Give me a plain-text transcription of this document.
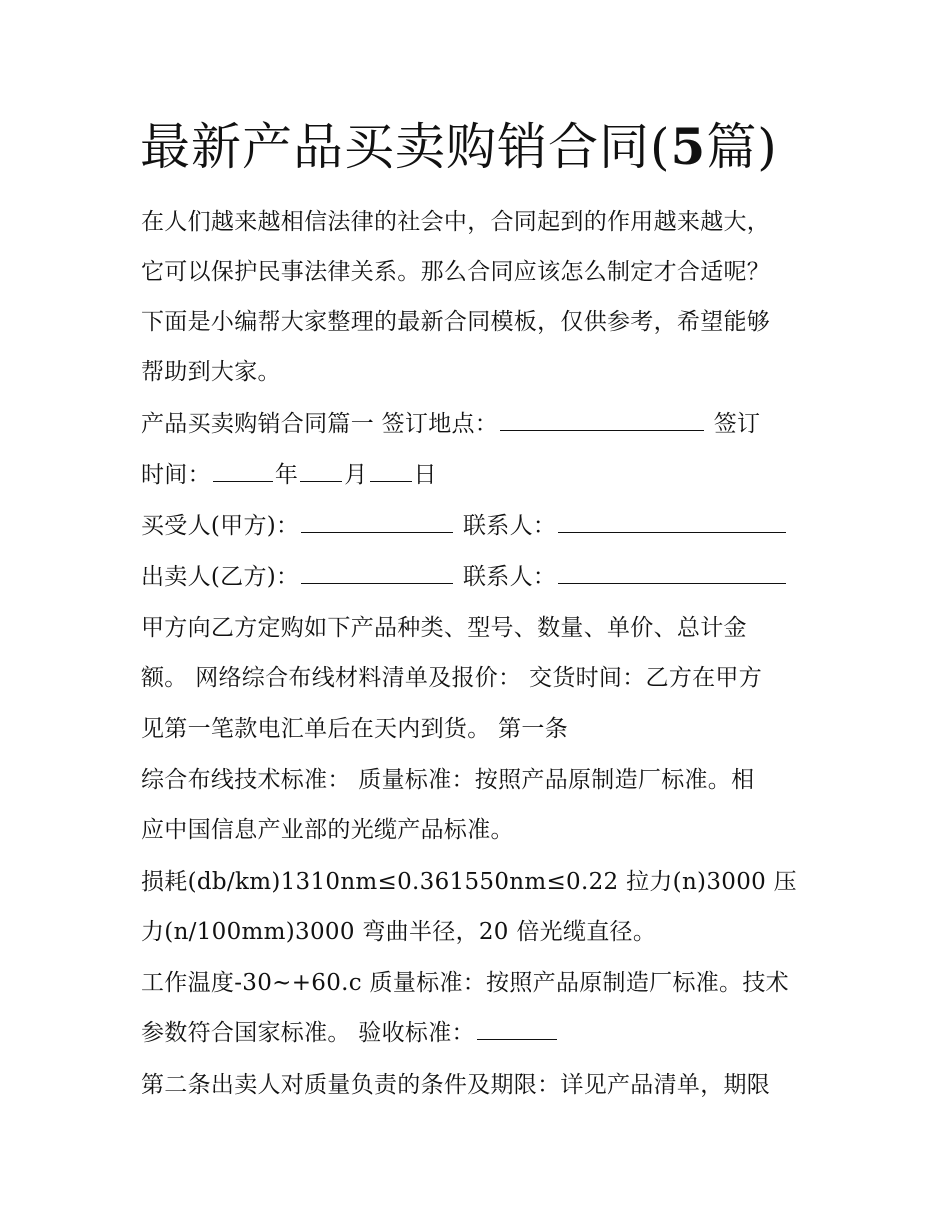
最新产品买卖购销合同(5篇)
在人们越来越相信法律的社会中，合同起到的作用越来越大，
它可以保护民事法律关系。那么合同应该怎么制定才合适呢？
下面是小编帮大家整理的最新合同模板，仅供参考，希望能够
帮助到大家。
产品买卖购销合同篇一 签订地点：	签订
时间：	年 月 日
买受人(甲方)：	联系人：
出卖人(乙方)：	联系人：
甲方向乙方定购如下产品种类、型号、数量、单价、总计金
额。 网络综合布线材料清单及报价： 交货时间：乙方在甲方
见第一笔款电汇单后在天内到货。 第一条
综合布线技术标准： 质量标准：按照产品原制造厂标准。相
应中国信息产业部的光缆产品标准。
损耗(db/km)1310nm≤0.361550nm≤0.22 拉力(n)3000 压
力(n/100mm)3000 弯曲半径，20 倍光缆直径。
工作温度-30~+60.c 质量标准：按照产品原制造厂标准。技术
参数符合国家标准。 验收标准：
第二条出卖人对质量负责的条件及期限：详见产品清单，期限
